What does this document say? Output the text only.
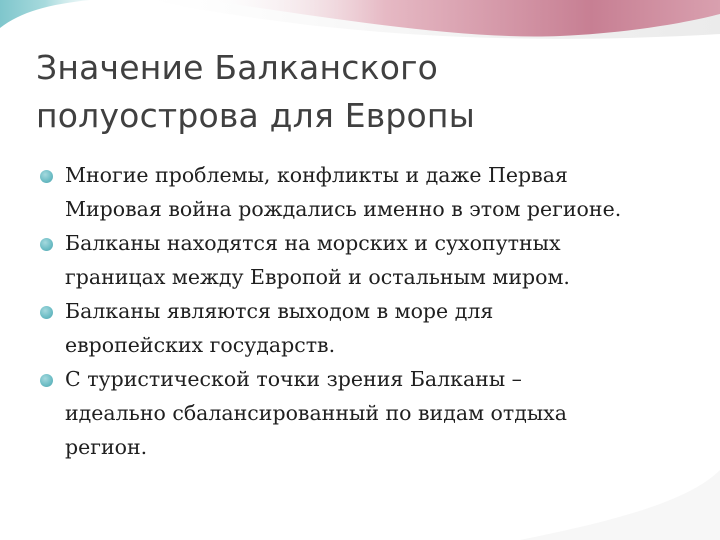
Значение Балканского
полуострова для Европы
Многие проблемы, конфликты и даже Первая
Мировая война рождались именно в этом регионе.
Балканы находятся на морских и сухопутных
границах между Европой и остальным миром.
Балканы являются выходом в море для
европейских государств.
С туристической точки зрения Балканы –
идеально сбалансированный по видам отдыха
регион.
